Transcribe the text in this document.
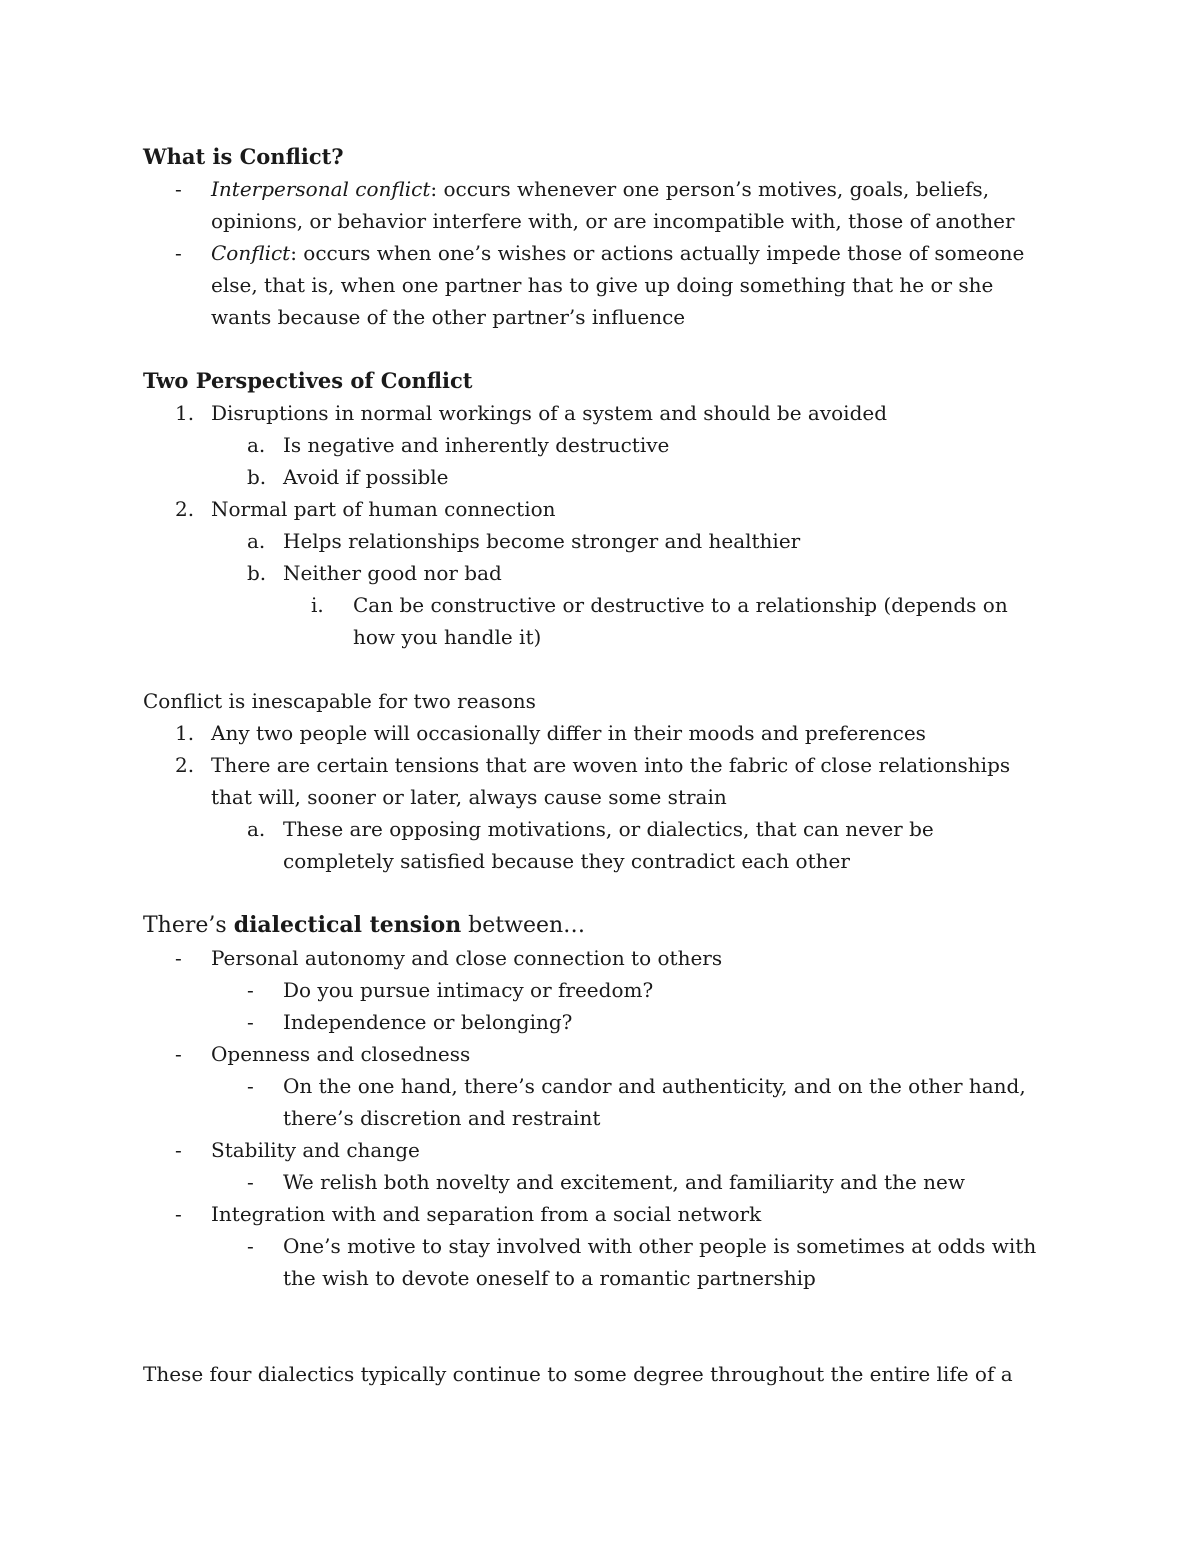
What is Conflict?
- Interpersonal conflict: occurs whenever one person’s motives, goals, beliefs, opinions, or behavior interfere with, or are incompatible with, those of another
- Conflict: occurs when one’s wishes or actions actually impede those of someone else, that is, when one partner has to give up doing something that he or she wants because of the other partner’s influence
Two Perspectives of Conflict
1. Disruptions in normal workings of a system and should be avoided
a. Is negative and inherently destructive
b. Avoid if possible
2. Normal part of human connection
a. Helps relationships become stronger and healthier
b. Neither good nor bad
i. Can be constructive or destructive to a relationship (depends on how you handle it)
Conflict is inescapable for two reasons
1. Any two people will occasionally differ in their moods and preferences
2. There are certain tensions that are woven into the fabric of close relationships that will, sooner or later, always cause some strain
a. These are opposing motivations, or dialectics, that can never be completely satisfied because they contradict each other
There’s dialectical tension between…
- Personal autonomy and close connection to others
- Do you pursue intimacy or freedom?
- Independence or belonging?
- Openness and closedness
- On the one hand, there’s candor and authenticity, and on the other hand, there’s discretion and restraint
- Stability and change
- We relish both novelty and excitement, and familiarity and the new
- Integration with and separation from a social network
- One’s motive to stay involved with other people is sometimes at odds with the wish to devote oneself to a romantic partnership
These four dialectics typically continue to some degree throughout the entire life of a
